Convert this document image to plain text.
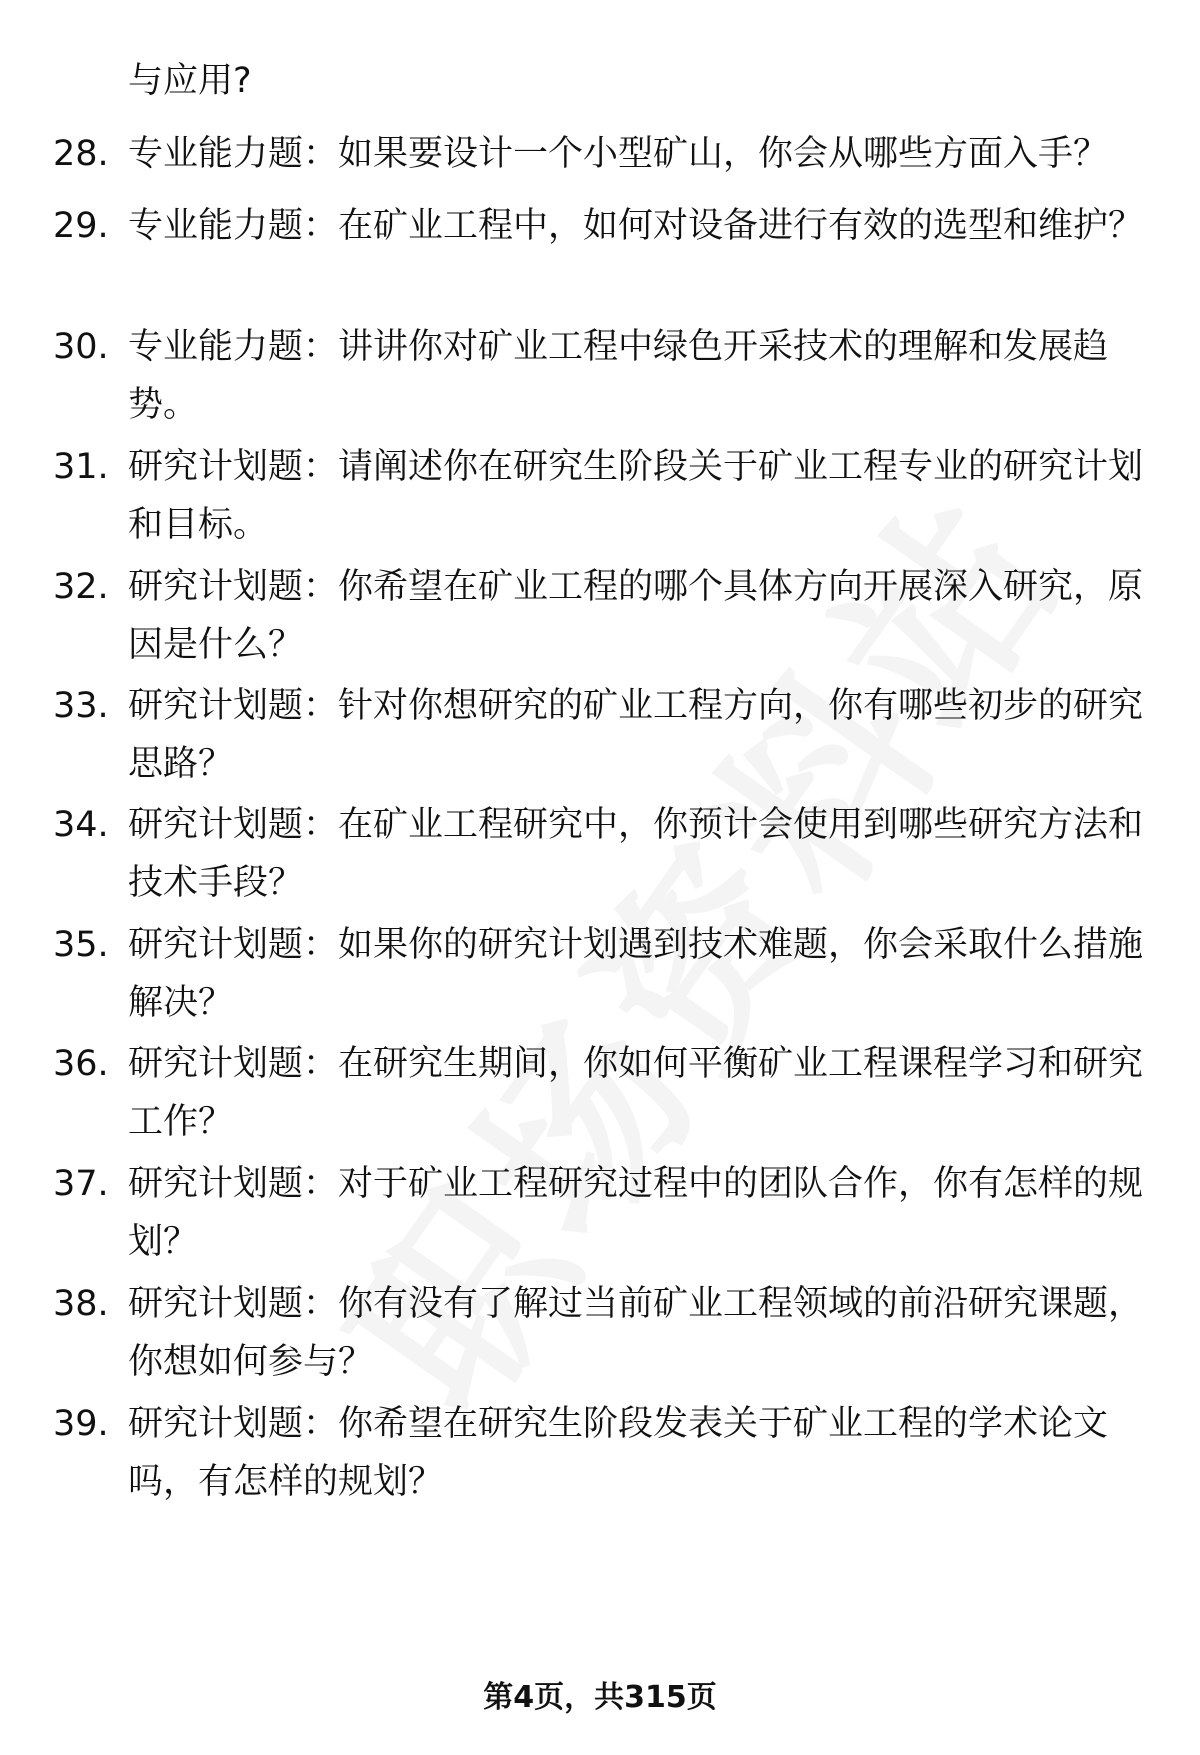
与应用?
28. 专业能力题：如果要设计一个小型矿山，你会从哪些方面入手？
29. 专业能力题：在矿业工程中，如何对设备进行有效的选型和维护？
30. 专业能力题：讲讲你对矿业工程中绿色开采技术的理解和发展趋势。
31. 研究计划题：请阐述你在研究生阶段关于矿业工程专业的研究计划和目标。
32. 研究计划题：你希望在矿业工程的哪个具体方向开展深入研究，原因是什么？
33. 研究计划题：针对你想研究的矿业工程方向，你有哪些初步的研究思路？
34. 研究计划题：在矿业工程研究中，你预计会使用到哪些研究方法和技术手段？
35. 研究计划题：如果你的研究计划遇到技术难题，你会采取什么措施解决？
36. 研究计划题：在研究生期间，你如何平衡矿业工程课程学习和研究工作？
37. 研究计划题：对于矿业工程研究过程中的团队合作，你有怎样的规划？
38. 研究计划题：你有没有了解过当前矿业工程领域的前沿研究课题，你想如何参与？
39. 研究计划题：你希望在研究生阶段发表关于矿业工程的学术论文吗，有怎样的规划？
第4页，共315页
